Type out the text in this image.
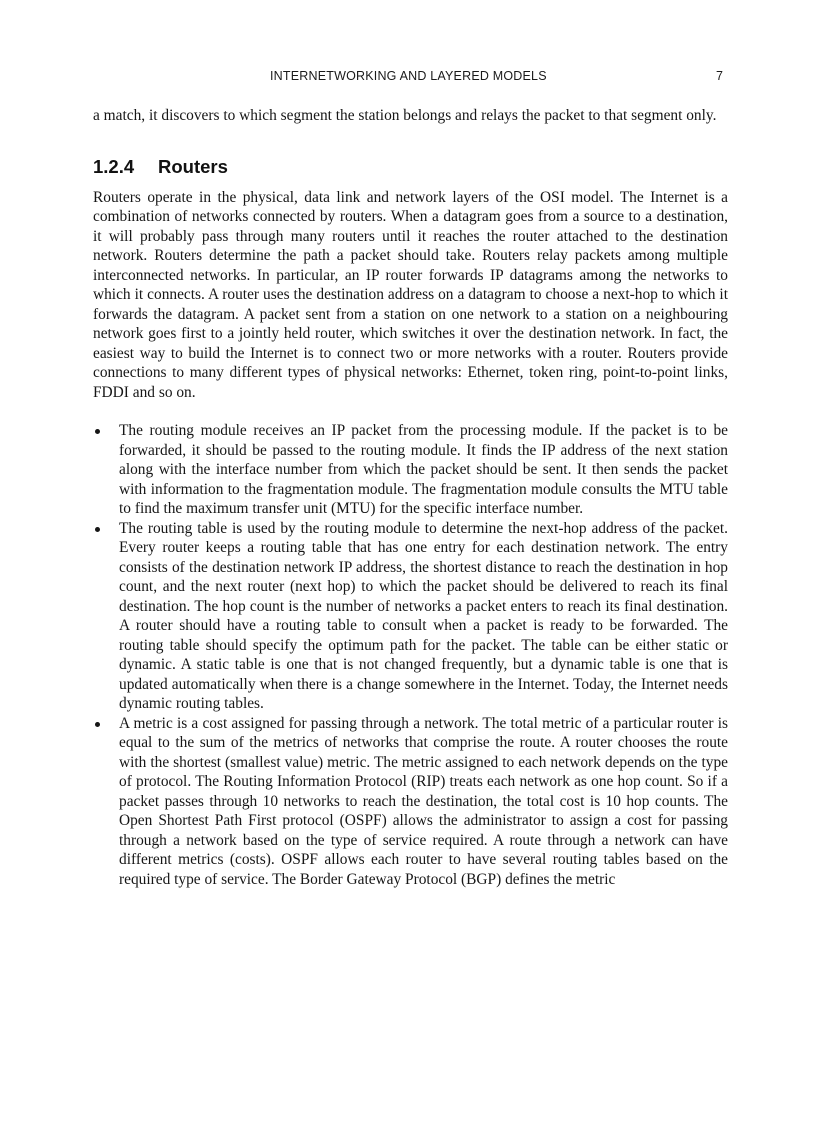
INTERNETWORKING AND LAYERED MODELS	7

a match, it discovers to which segment the station belongs and relays the packet to that segment only.

1.2.4 Routers

Routers operate in the physical, data link and network layers of the OSI model. The Internet is a combination of networks connected by routers. When a datagram goes from a source to a destination, it will probably pass through many routers until it reaches the router attached to the destination network. Routers determine the path a packet should take. Routers relay packets among multiple interconnected networks. In particular, an IP router forwards IP datagrams among the networks to which it connects. A router uses the destination address on a datagram to choose a next-hop to which it forwards the datagram. A packet sent from a station on one network to a station on a neighbouring network goes first to a jointly held router, which switches it over the destination network. In fact, the easiest way to build the Internet is to connect two or more networks with a router. Routers provide connections to many different types of physical networks: Ethernet, token ring, point-to-point links, FDDI and so on.

The routing module receives an IP packet from the processing module. If the packet is to be forwarded, it should be passed to the routing module. It finds the IP address of the next station along with the interface number from which the packet should be sent. It then sends the packet with information to the fragmentation module. The fragmentation module consults the MTU table to find the maximum transfer unit (MTU) for the specific interface number.
The routing table is used by the routing module to determine the next-hop address of the packet. Every router keeps a routing table that has one entry for each destination network. The entry consists of the destination network IP address, the shortest distance to reach the destination in hop count, and the next router (next hop) to which the packet should be delivered to reach its final destination. The hop count is the number of networks a packet enters to reach its final destination. A router should have a routing table to consult when a packet is ready to be forwarded. The routing table should specify the optimum path for the packet. The table can be either static or dynamic. A static table is one that is not changed frequently, but a dynamic table is one that is updated automatically when there is a change somewhere in the Internet. Today, the Internet needs dynamic routing tables.
A metric is a cost assigned for passing through a network. The total metric of a particular router is equal to the sum of the metrics of networks that comprise the route. A router chooses the route with the shortest (smallest value) metric. The metric assigned to each network depends on the type of protocol. The Routing Information Protocol (RIP) treats each network as one hop count. So if a packet passes through 10 networks to reach the destination, the total cost is 10 hop counts. The Open Shortest Path First protocol (OSPF) allows the administrator to assign a cost for passing through a network based on the type of service required. A route through a network can have different metrics (costs). OSPF allows each router to have several routing tables based on the required type of service. The Border Gateway Protocol (BGP) defines the metric
